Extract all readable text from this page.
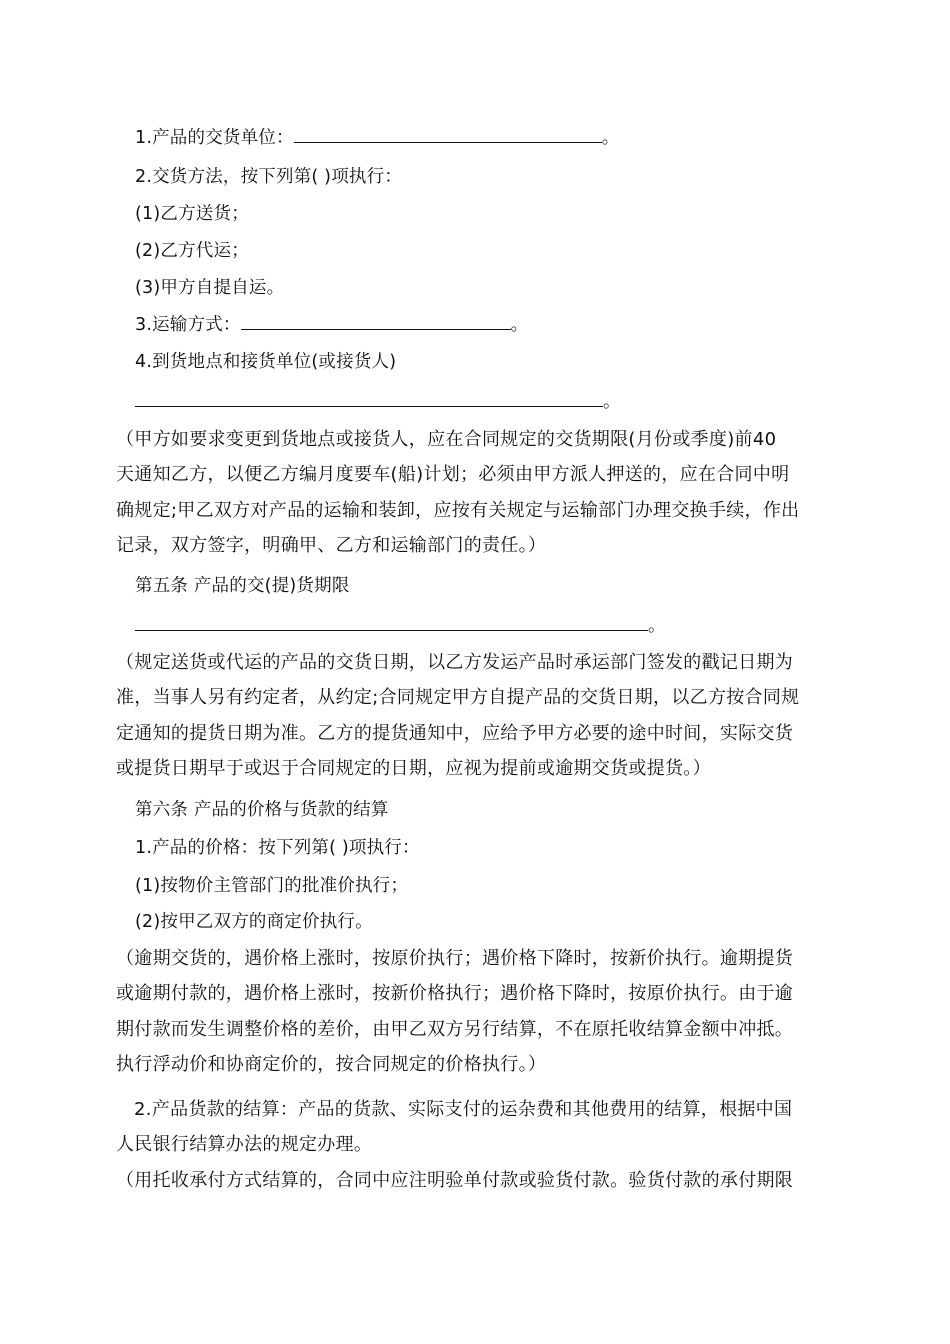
1.产品的交货单位：	。
2.交货方法，按下列第( )项执行：
(1)乙方送货；
(2)乙方代运；
(3)甲方自提自运。
3.运输方式：	。
4.到货地点和接货单位(或接货人)
。
（甲方如要求变更到货地点或接货人，应在合同规定的交货期限(月份或季度)前40
天通知乙方，以便乙方编月度要车(船)计划；必须由甲方派人押送的，应在合同中明
确规定;甲乙双方对产品的运输和装卸，应按有关规定与运输部门办理交换手续，作出
记录，双方签字，明确甲、乙方和运输部门的责任。）
第五条 产品的交(提)货期限
。
（规定送货或代运的产品的交货日期，以乙方发运产品时承运部门签发的戳记日期为
准，当事人另有约定者，从约定;合同规定甲方自提产品的交货日期，以乙方按合同规
定通知的提货日期为准。乙方的提货通知中，应给予甲方必要的途中时间，实际交货
或提货日期早于或迟于合同规定的日期，应视为提前或逾期交货或提货。）
第六条 产品的价格与货款的结算
1.产品的价格：按下列第( )项执行：
(1)按物价主管部门的批准价执行；
(2)按甲乙双方的商定价执行。
（逾期交货的，遇价格上涨时，按原价执行；遇价格下降时，按新价执行。逾期提货
或逾期付款的，遇价格上涨时，按新价格执行；遇价格下降时，按原价执行。由于逾
期付款而发生调整价格的差价，由甲乙双方另行结算，不在原托收结算金额中冲抵。
执行浮动价和协商定价的，按合同规定的价格执行。）
2.产品货款的结算：产品的货款、实际支付的运杂费和其他费用的结算，根据中国
人民银行结算办法的规定办理。
（用托收承付方式结算的，合同中应注明验单付款或验货付款。验货付款的承付期限
